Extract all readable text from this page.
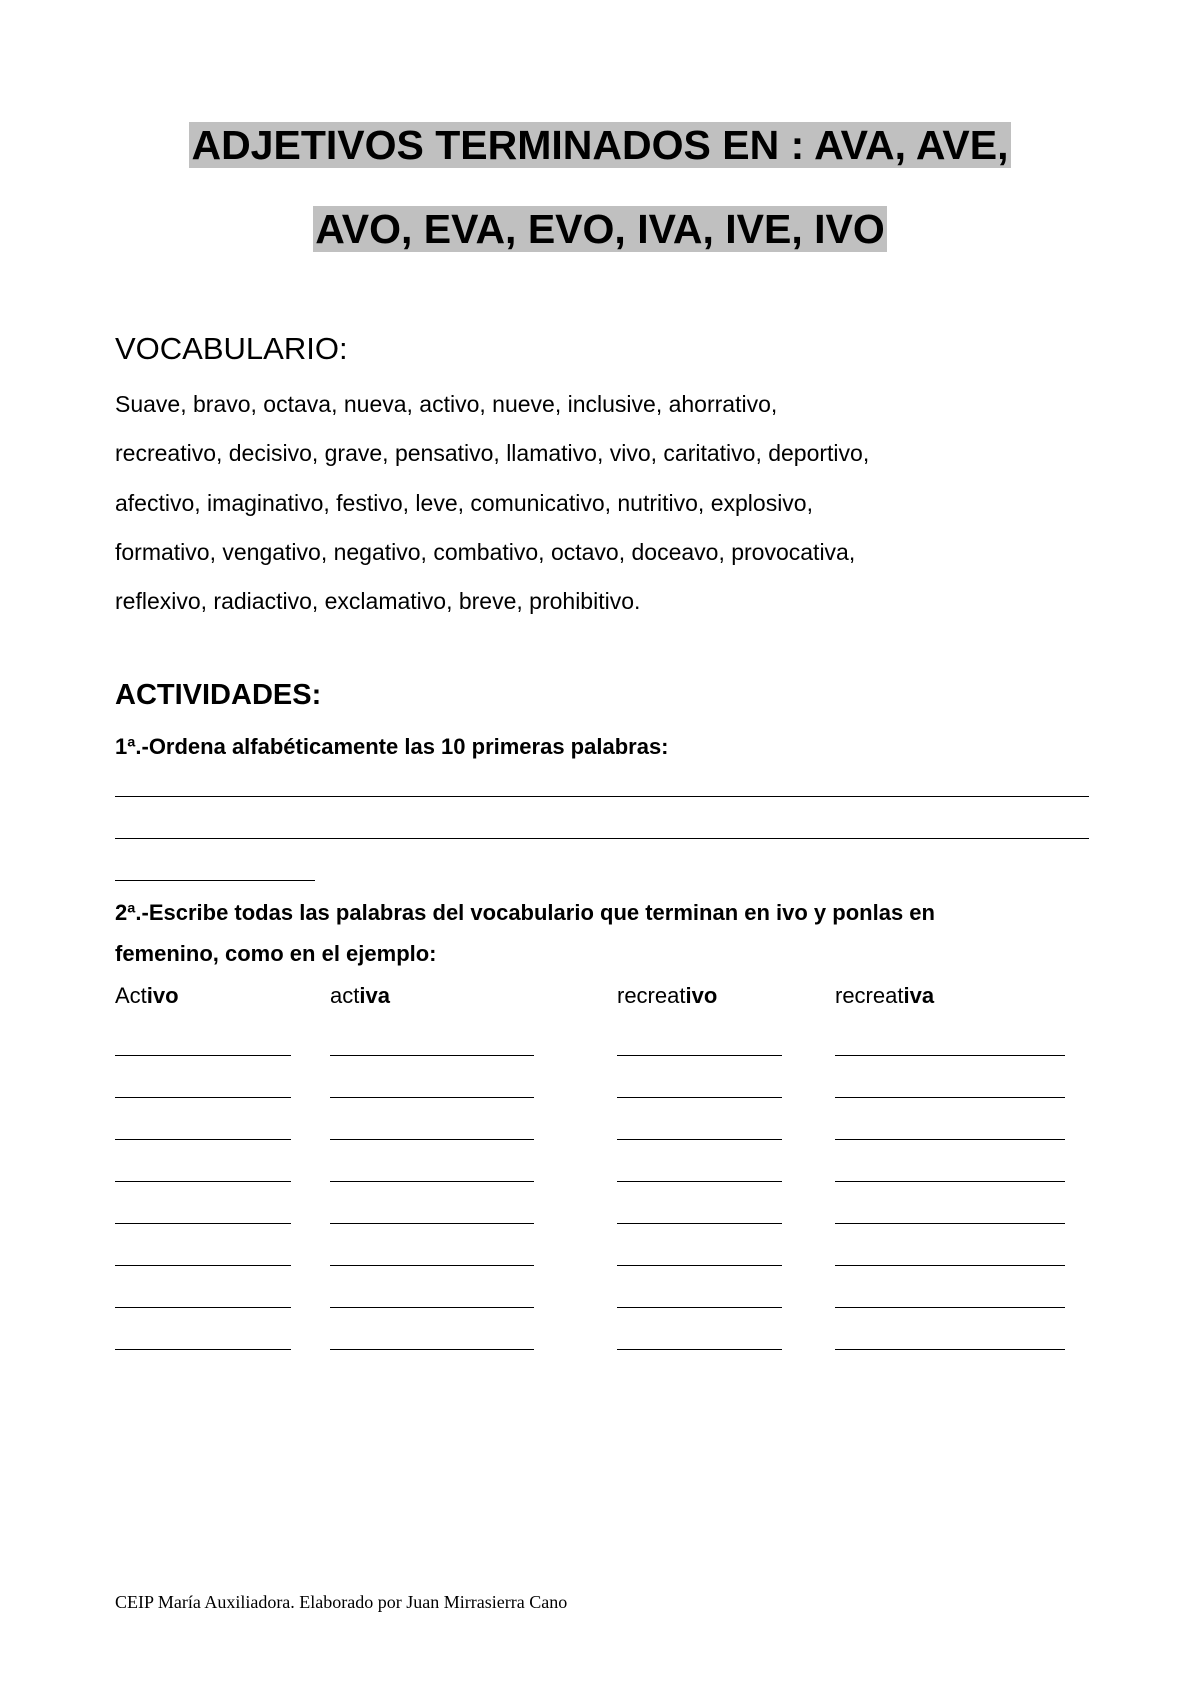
ADJETIVOS TERMINADOS EN : AVA, AVE,
AVO, EVA, EVO, IVA, IVE, IVO
VOCABULARIO:
Suave, bravo, octava, nueva, activo, nueve, inclusive, ahorrativo,
recreativo, decisivo, grave, pensativo, llamativo, vivo, caritativo, deportivo,
afectivo, imaginativo, festivo, leve, comunicativo, nutritivo, explosivo,
formativo, vengativo, negativo, combativo, octavo, doceavo, provocativa,
reflexivo, radiactivo, exclamativo, breve, prohibitivo.
ACTIVIDADES:
1ª.-Ordena alfabéticamente las 10 primeras palabras:
2ª.-Escribe todas las palabras del vocabulario que terminan en ivo y ponlas en
femenino, como en el ejemplo:
Activo	activa	recreativo	recreativa
CEIP María Auxiliadora. Elaborado por Juan Mirrasierra Cano
